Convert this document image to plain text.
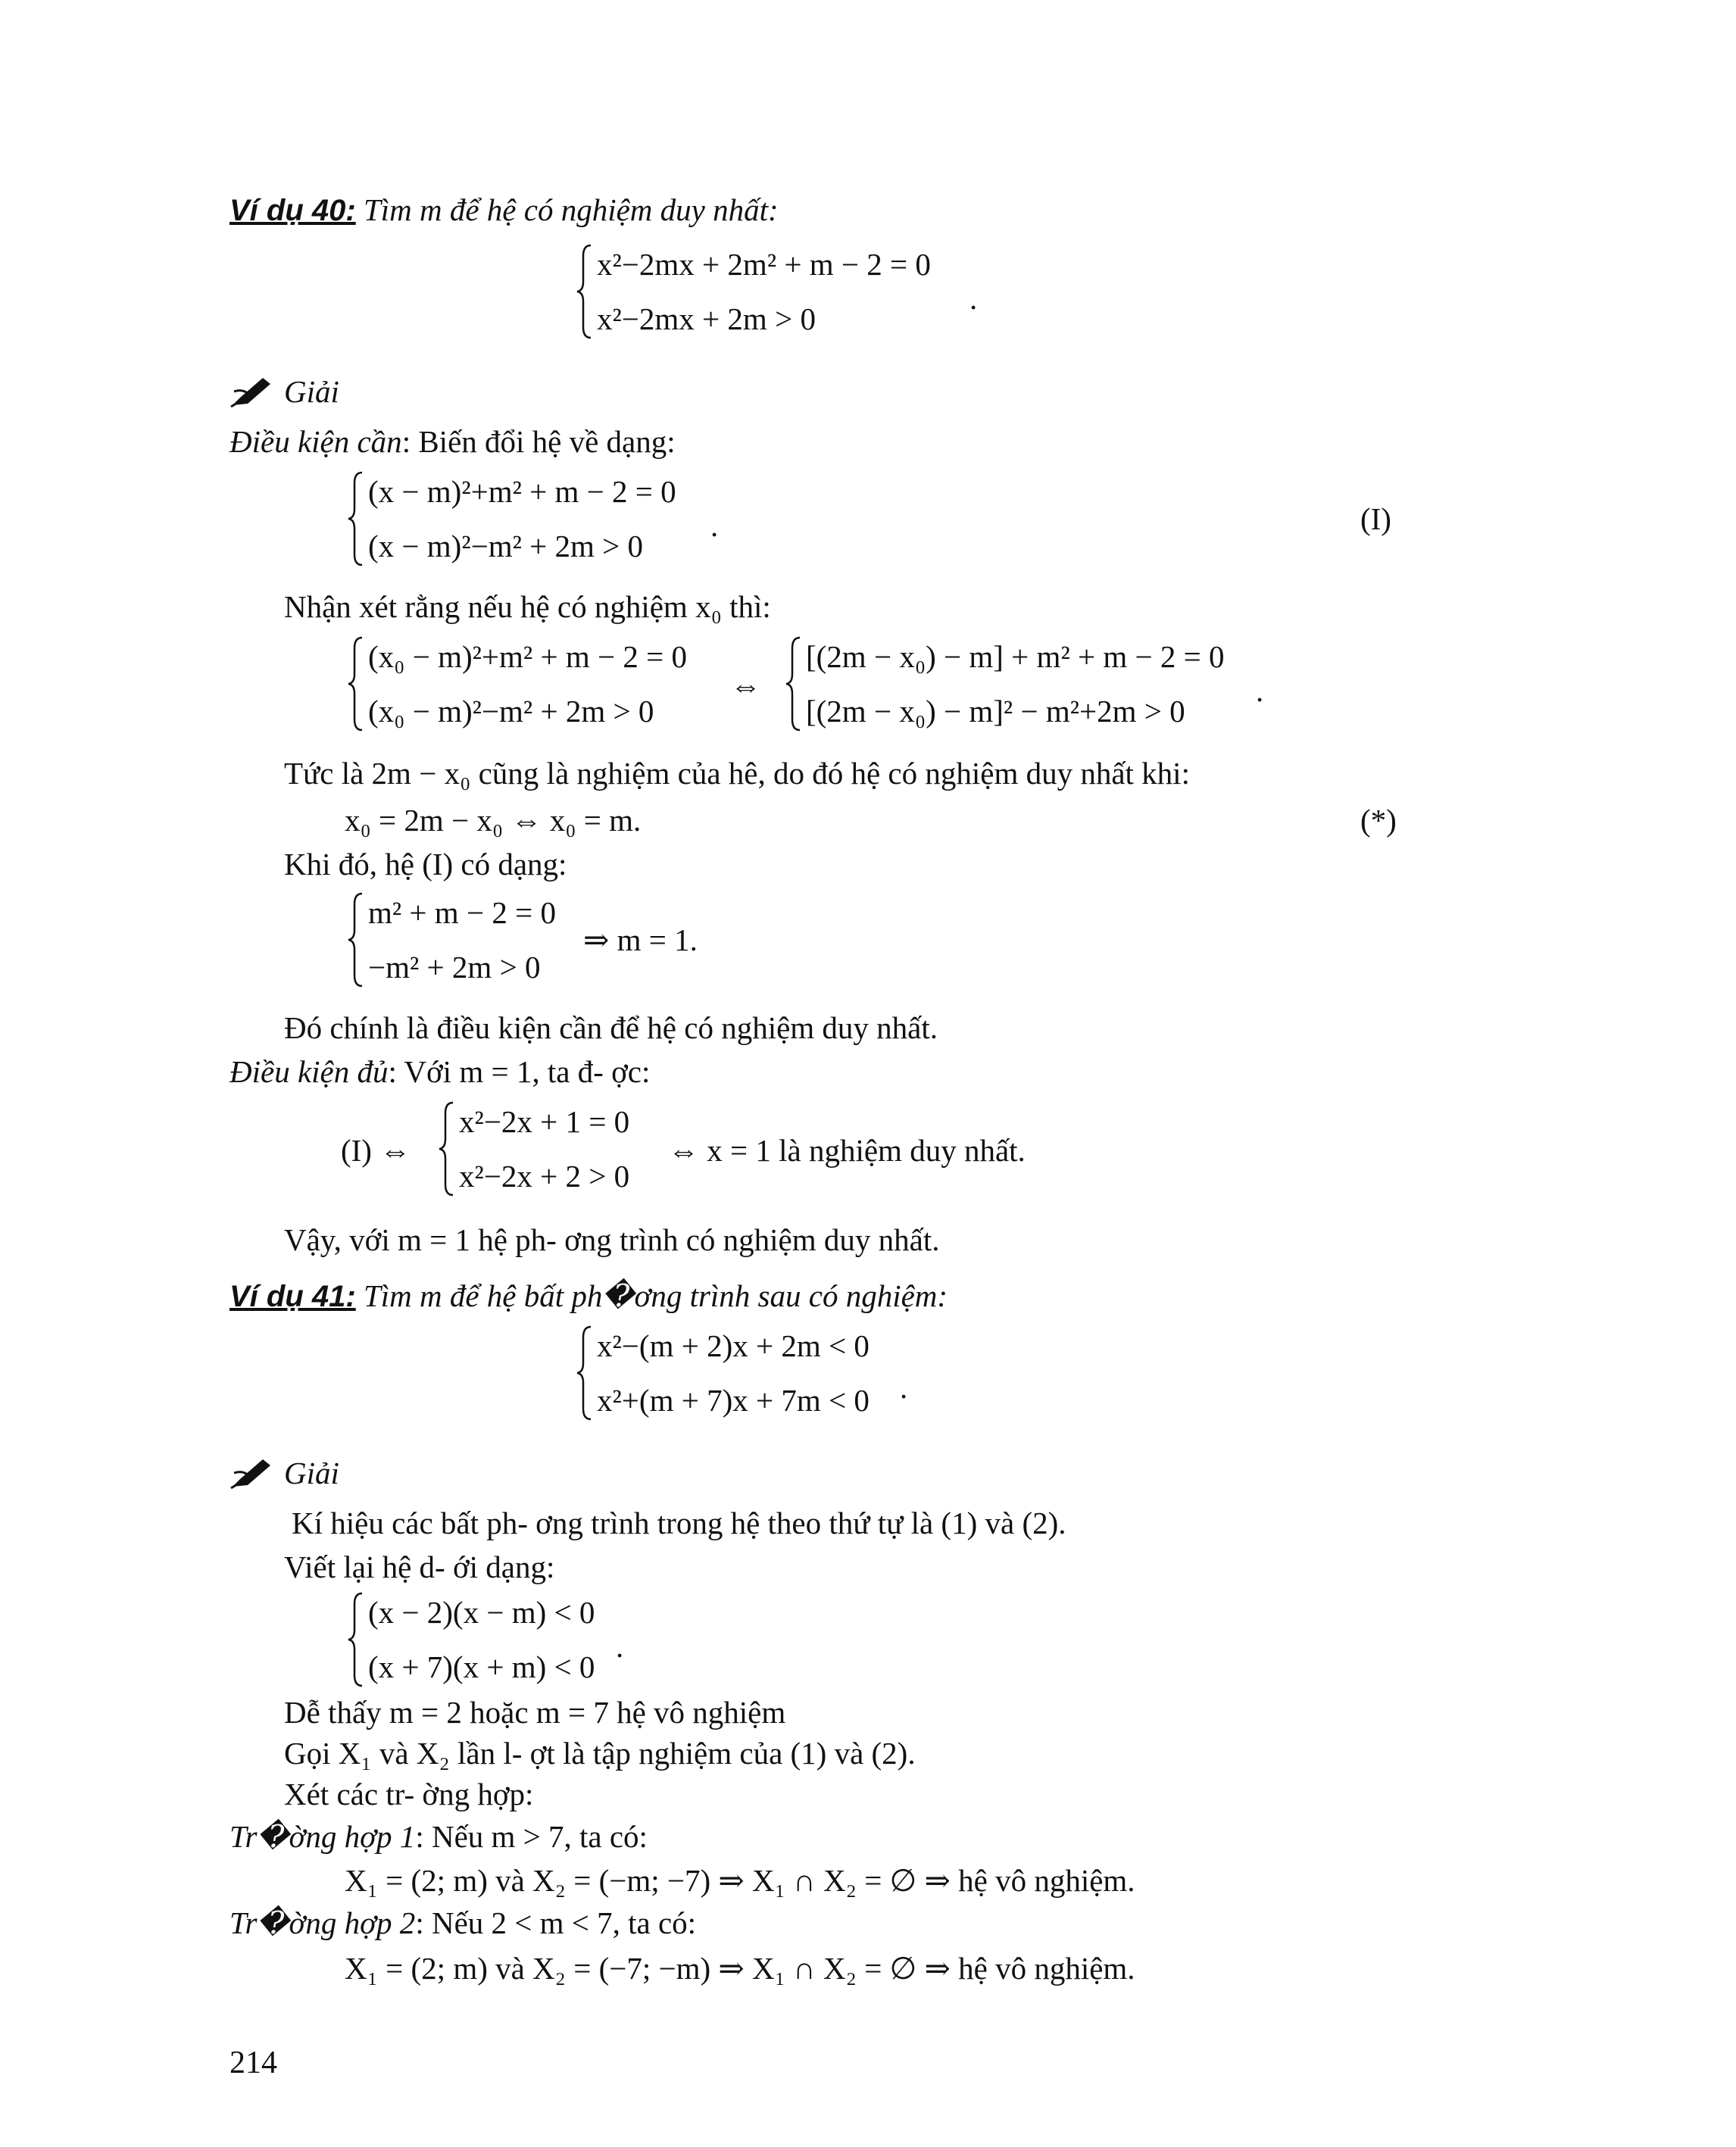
Ví dụ 40: Tìm m để hệ có nghiệm duy nhất:
x²−2mx + 2m² + m − 2 = 0
x²−2mx + 2m > 0
.
Giải
Điều kiện cần: Biến đổi hệ về dạng:
(x − m)²+m² + m − 2 = 0
(x − m)²−m² + 2m > 0
.	(I)
Nhận xét rằng nếu hệ có nghiệm x₀ thì:
(x₀ − m)²+m² + m − 2 = 0
(x₀ − m)²−m² + 2m > 0
⇔
[(2m − x₀) − m] + m² + m − 2 = 0
[(2m − x₀) − m]² − m²+2m > 0
.
Tức là 2m − x₀ cũng là nghiệm của hê, do đó hệ có nghiệm duy nhất khi:
x₀ = 2m − x₀ ⇔ x₀ = m.	(*)
Khi đó, hệ (I) có dạng:
m² + m − 2 = 0
−m² + 2m > 0
⇒ m = 1.
Đó chính là điều kiện cần để hệ có nghiệm duy nhất.
Điều kiện đủ: Với m = 1, ta đ- ợc:
(I) ⇔
x²−2x + 1 = 0
x²−2x + 2 > 0
⇔ x = 1 là nghiệm duy nhất.
Vậy, với m = 1 hệ ph- ơng trình có nghiệm duy nhất.
Ví dụ 41: Tìm m để hệ bất ph�ơng trình sau có nghiệm:
x²−(m + 2)x + 2m < 0
x²+(m + 7)x + 7m < 0 .
Giải
Kí hiệu các bất ph- ơng trình trong hệ theo thứ tự là (1) và (2).
Viết lại hệ d- ới dạng:
(x − 2)(x − m) < 0
(x + 7)(x + m) < 0
.
Dễ thấy m = 2 hoặc m = 7 hệ vô nghiệm
Gọi X₁ và X₂ lần l- ợt là tập nghiệm của (1) và (2).
Xét các tr- ờng hợp:
Tr�ờng hợp 1: Nếu m > 7, ta có:
X₁ = (2; m) và X₂ = (−m; −7) ⇒ X₁ ∩ X₂ = ∅ ⇒ hệ vô nghiệm.
Tr�ờng hợp 2: Nếu 2 < m < 7, ta có:
X₁ = (2; m) và X₂ = (−7; −m) ⇒ X₁ ∩ X₂ = ∅ ⇒ hệ vô nghiệm.
214
